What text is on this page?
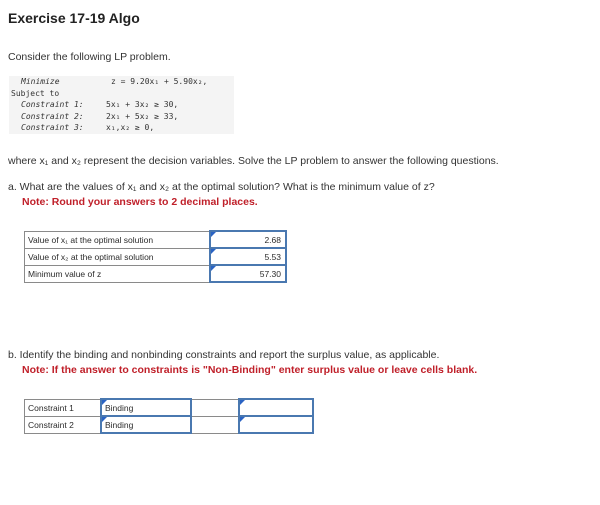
Exercise 17-19 Algo
Consider the following LP problem.
Minimize	z = 9.20x₁ + 5.90x₂,
Subject to
Constraint 1:	5x₁ + 3x₂ ≥ 30,
Constraint 2:	2x₁ + 5x₂ ≥ 33,
Constraint 3:	x₁,x₂ ≥ 0,
where x₁ and x₂ represent the decision variables. Solve the LP problem to answer the following questions.
a. What are the values of x₁ and x₂ at the optimal solution? What is the minimum value of z?
Note: Round your answers to 2 decimal places.
Value of x₁ at the optimal solution	2.68
Value of x₂ at the optimal solution	5.53
Minimum value of z	57.30
b. Identify the binding and nonbinding constraints and report the surplus value, as applicable.
Note: If the answer to constraints is "Non-Binding" enter surplus value or leave cells blank.
Constraint 1	Binding		

Constraint 2	Binding		
